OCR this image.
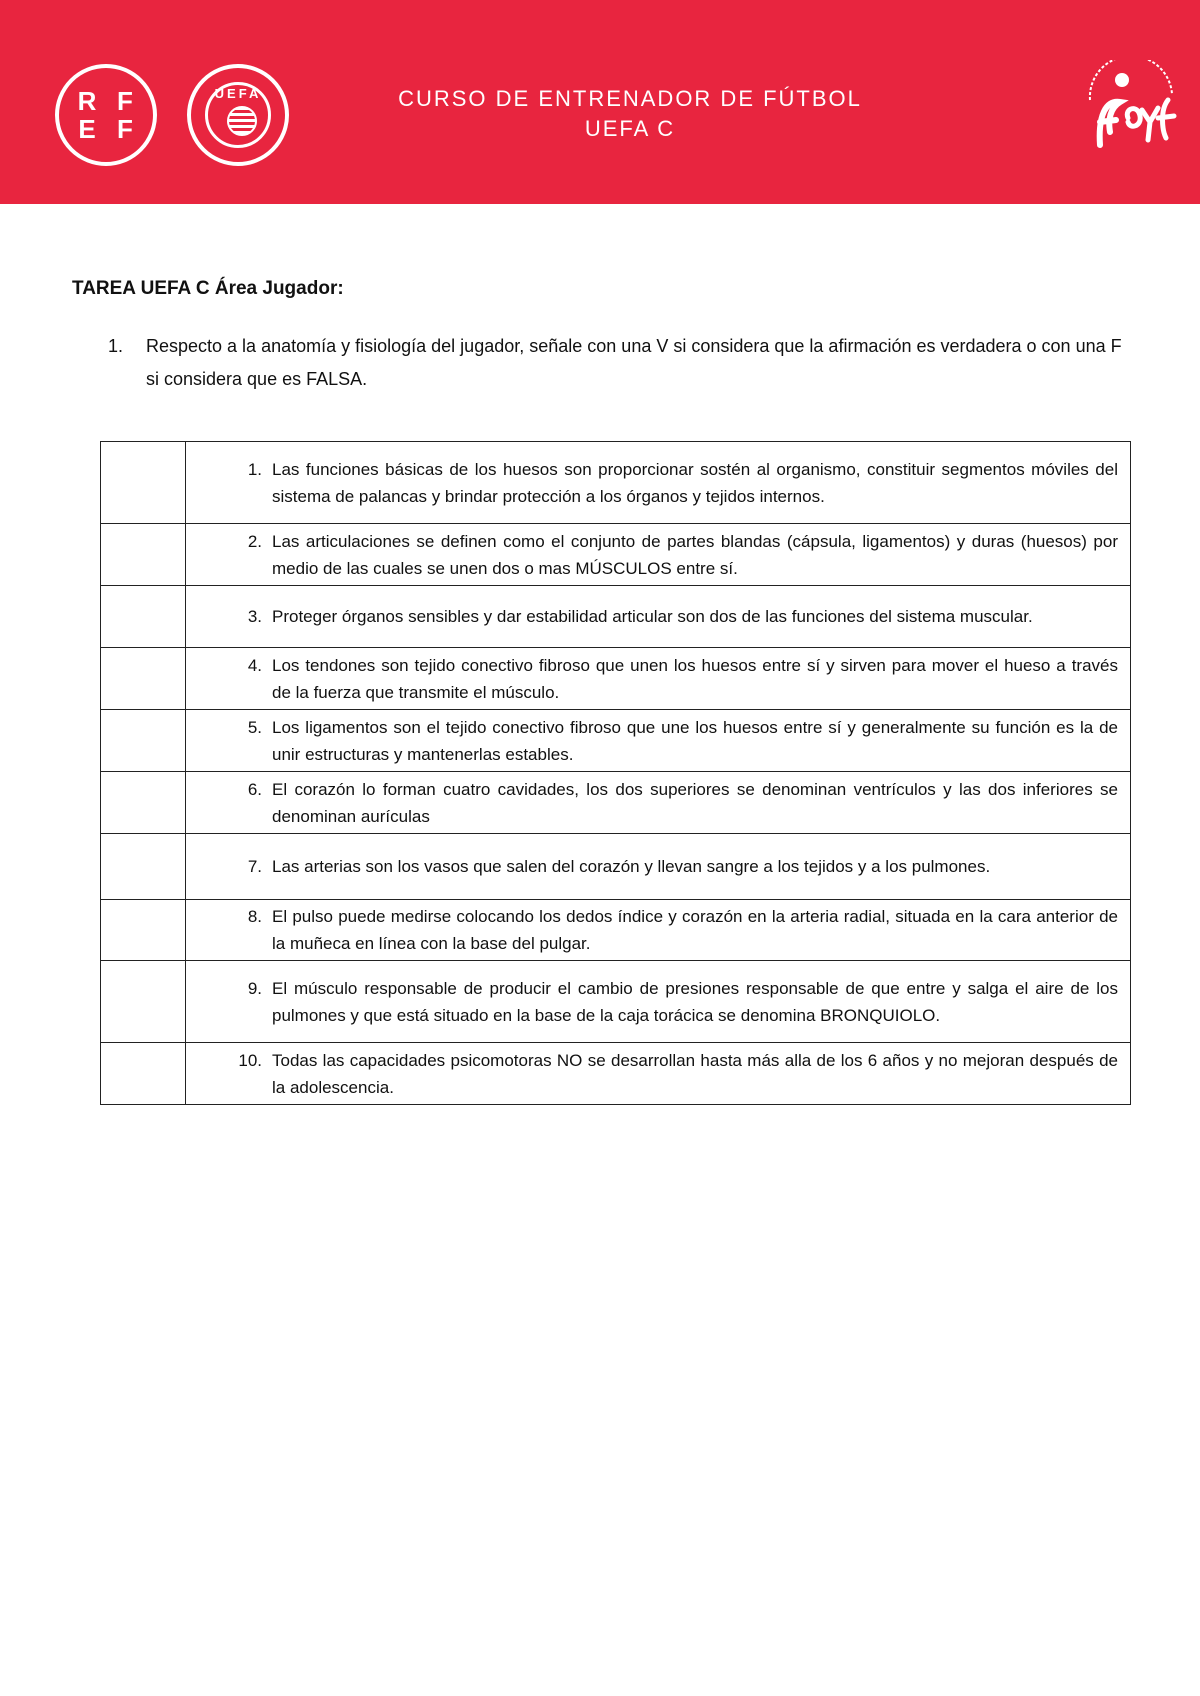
R F
E F
UEFA	CURSO DE ENTRENADOR DE FÚTBOL
UEFA C
TAREA UEFA C Área Jugador:
1. Respecto a la anatomía y fisiología del jugador, señale con una V si considera que la afirmación es verdadera o con una F si considera que es FALSA.

	1. Las funciones básicas de los huesos son proporcionar sostén al organismo, constituir segmentos móviles del sistema de palancas y brindar protección a los órganos y tejidos internos.

	2. Las articulaciones se definen como el conjunto de partes blandas (cápsula, ligamentos) y duras (huesos) por medio de las cuales se unen dos o mas MÚSCULOS entre sí.

	3. Proteger órganos sensibles y dar estabilidad articular son dos de las funciones del sistema muscular.

	4. Los tendones son tejido conectivo fibroso que unen los huesos entre sí y sirven para mover el hueso a través de la fuerza que transmite el músculo.

	5. Los ligamentos son el tejido conectivo fibroso que une los huesos entre sí y generalmente su función es la de unir estructuras y mantenerlas estables.

	6. El corazón lo forman cuatro cavidades, los dos superiores se denominan ventrículos y las dos inferiores se denominan aurículas

	7. Las arterias son los vasos que salen del corazón y llevan sangre a los tejidos y a los pulmones.

	8. El pulso puede medirse colocando los dedos índice y corazón en la arteria radial, situada en la cara anterior de la muñeca en línea con la base del pulgar.

	9. El músculo responsable de producir el cambio de presiones responsable de que entre y salga el aire de los pulmones y que está situado en la base de la caja torácica se denomina BRONQUIOLO.

	10. Todas las capacidades psicomotoras NO se desarrollan hasta más alla de los 6 años y no mejoran después de la adolescencia.
